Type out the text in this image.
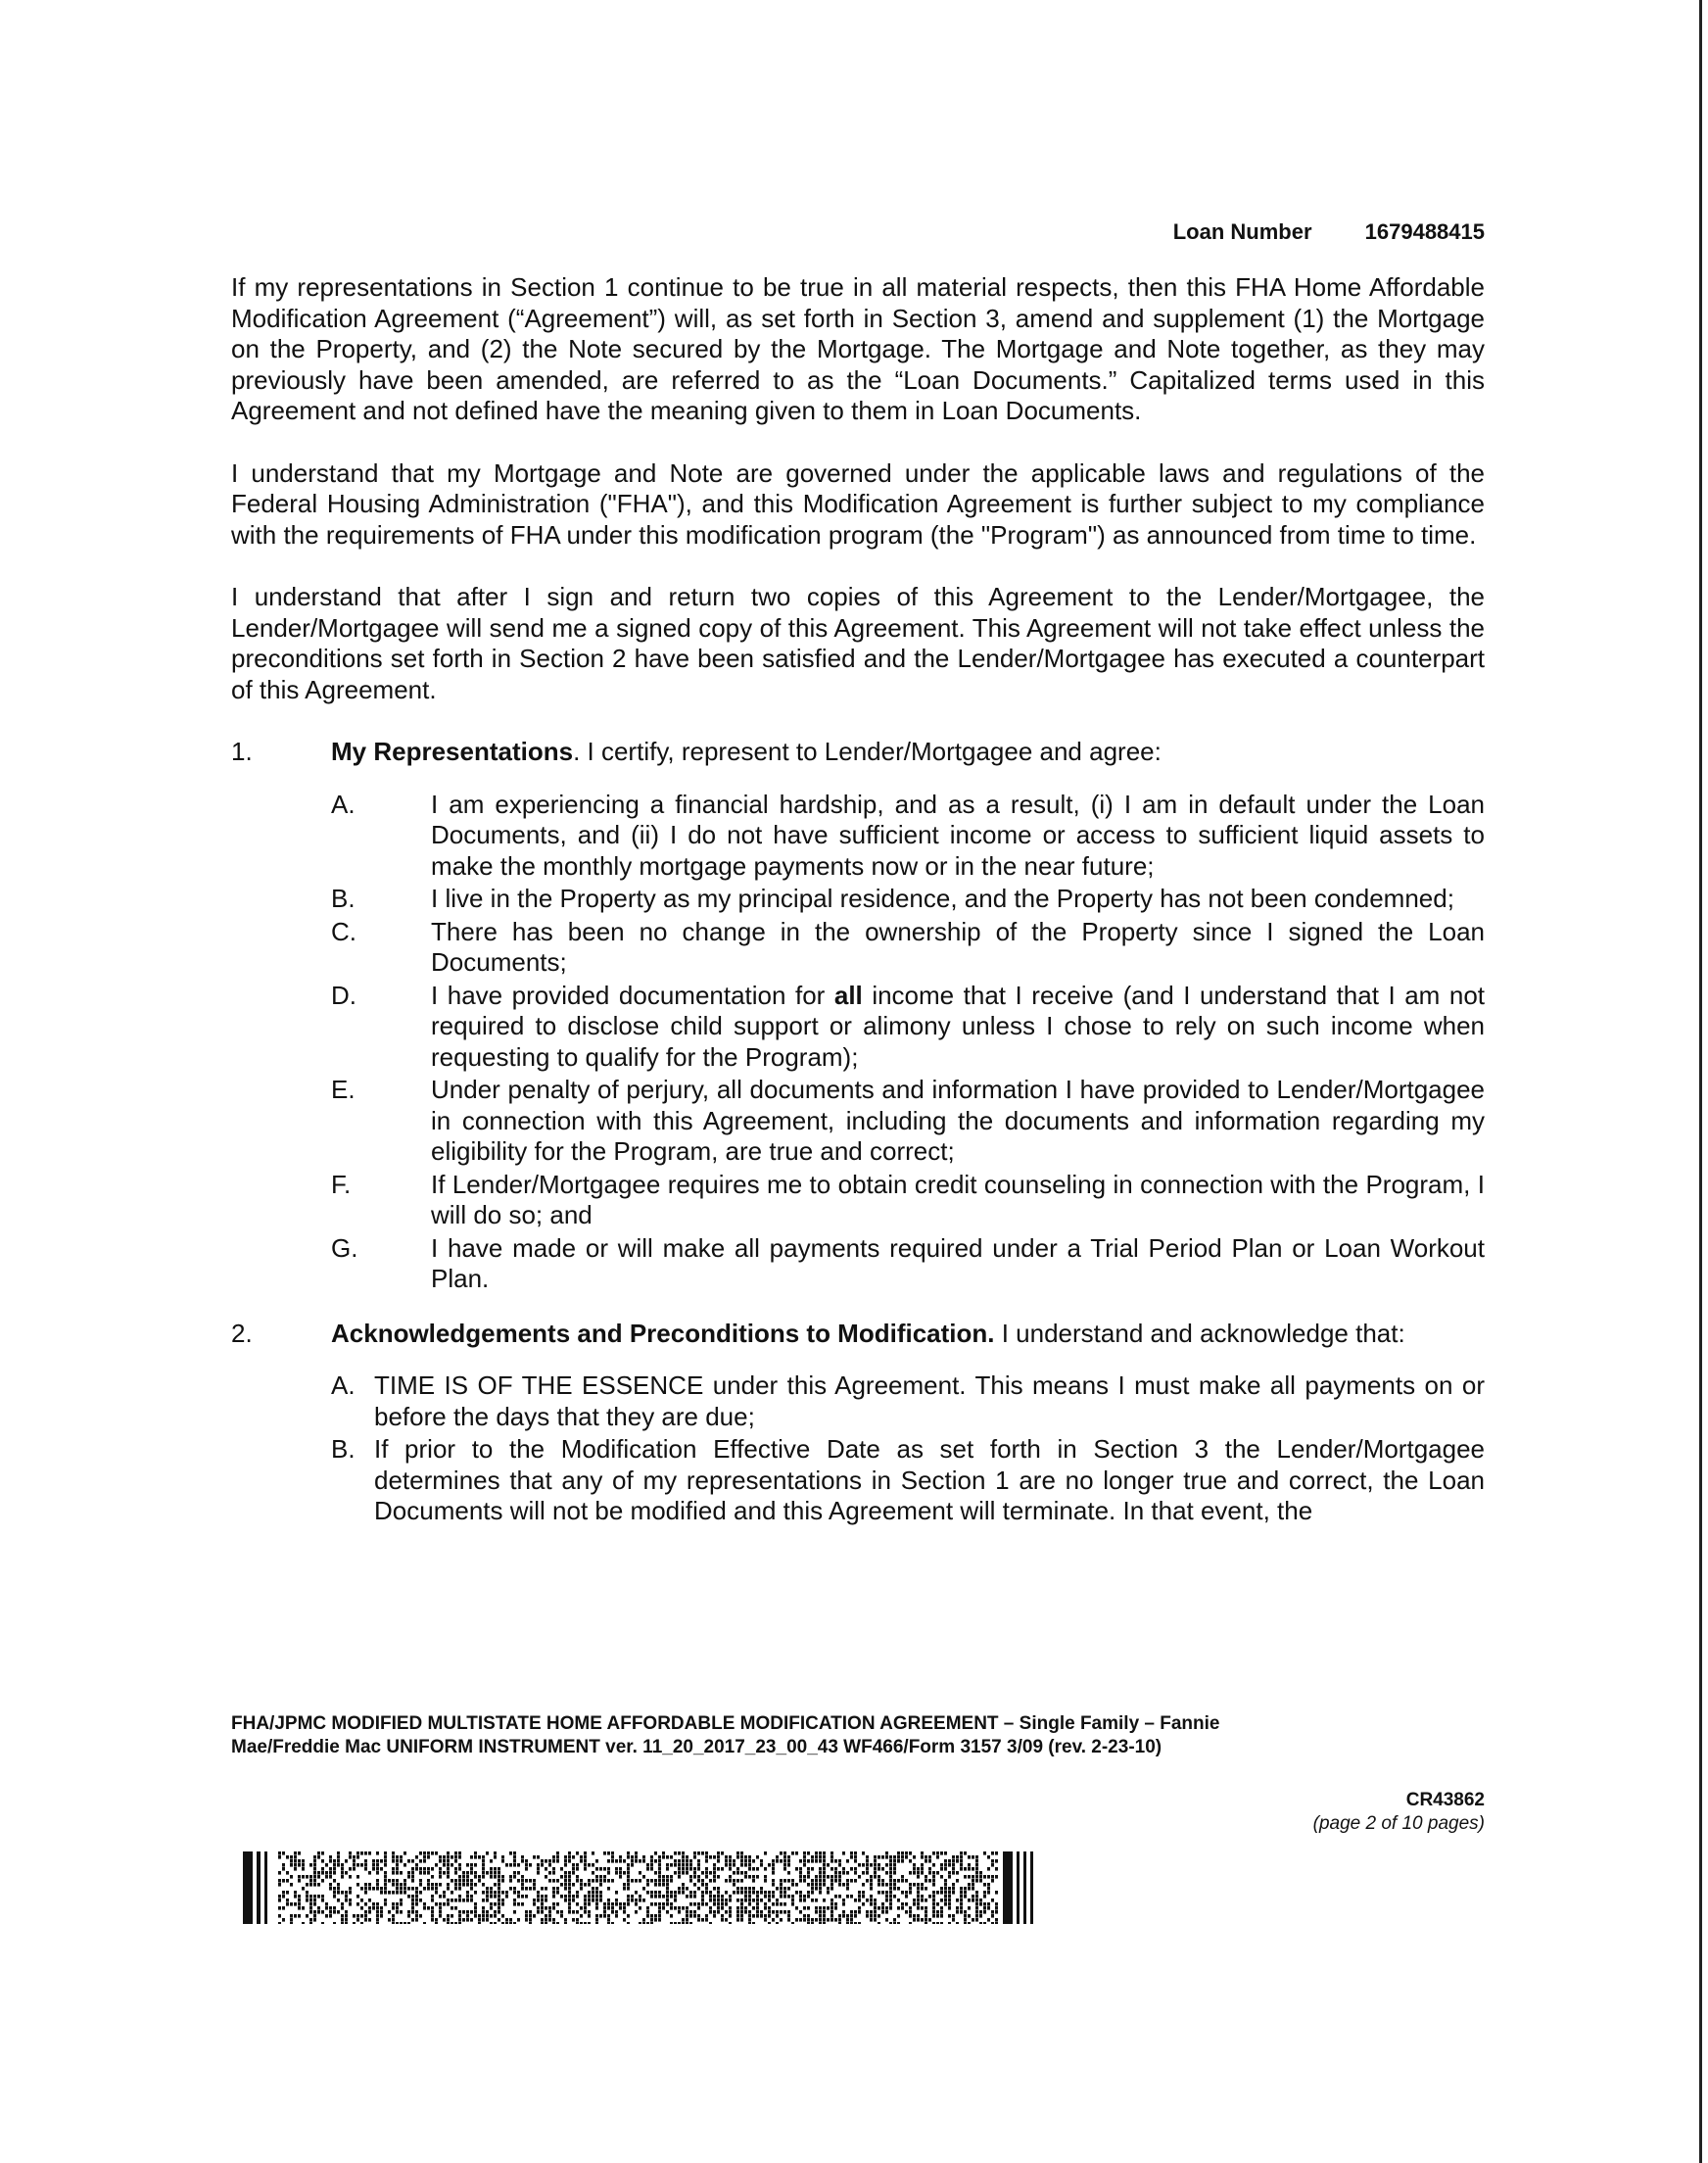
Loan Number 1679488415

If my representations in Section 1 continue to be true in all material respects, then this FHA Home Affordable Modification Agreement (“Agreement”) will, as set forth in Section 3, amend and supplement (1) the Mortgage on the Property, and (2) the Note secured by the Mortgage. The Mortgage and Note together, as they may previously have been amended, are referred to as the “Loan Documents.” Capitalized terms used in this Agreement and not defined have the meaning given to them in Loan Documents.

I understand that my Mortgage and Note are governed under the applicable laws and regulations of the Federal Housing Administration ("FHA"), and this Modification Agreement is further subject to my compliance with the requirements of FHA under this modification program (the "Program") as announced from time to time.

I understand that after I sign and return two copies of this Agreement to the Lender/Mortgagee, the Lender/Mortgagee will send me a signed copy of this Agreement. This Agreement will not take effect unless the preconditions set forth in Section 2 have been satisfied and the Lender/Mortgagee has executed a counterpart of this Agreement.

1.	My Representations. I certify, represent to Lender/Mortgagee and agree:
A.	I am experiencing a financial hardship, and as a result, (i) I am in default under the Loan Documents, and (ii) I do not have sufficient income or access to sufficient liquid assets to make the monthly mortgage payments now or in the near future;
B.	I live in the Property as my principal residence, and the Property has not been condemned;
C.	There has been no change in the ownership of the Property since I signed the Loan Documents;
D.	I have provided documentation for all income that I receive (and I understand that I am not required to disclose child support or alimony unless I chose to rely on such income when requesting to qualify for the Program);
E.	Under penalty of perjury, all documents and information I have provided to Lender/Mortgagee in connection with this Agreement, including the documents and information regarding my eligibility for the Program, are true and correct;
F.	If Lender/Mortgagee requires me to obtain credit counseling in connection with the Program, I will do so; and
G.	I have made or will make all payments required under a Trial Period Plan or Loan Workout Plan.
2.	Acknowledgements and Preconditions to Modification. I understand and acknowledge that:
A. TIME IS OF THE ESSENCE under this Agreement. This means I must make all payments on or before the days that they are due;
B. If prior to the Modification Effective Date as set forth in Section 3 the Lender/Mortgagee determines that any of my representations in Section 1 are no longer true and correct, the Loan Documents will not be modified and this Agreement will terminate. In that event, the
FHA/JPMC MODIFIED MULTISTATE HOME AFFORDABLE MODIFICATION AGREEMENT – Single Family – Fannie
Mae/Freddie Mac UNIFORM INSTRUMENT ver. 11_20_2017_23_00_43 WF466/Form 3157 3/09 (rev. 2-23-10)
CR43862
(page 2 of 10 pages)
